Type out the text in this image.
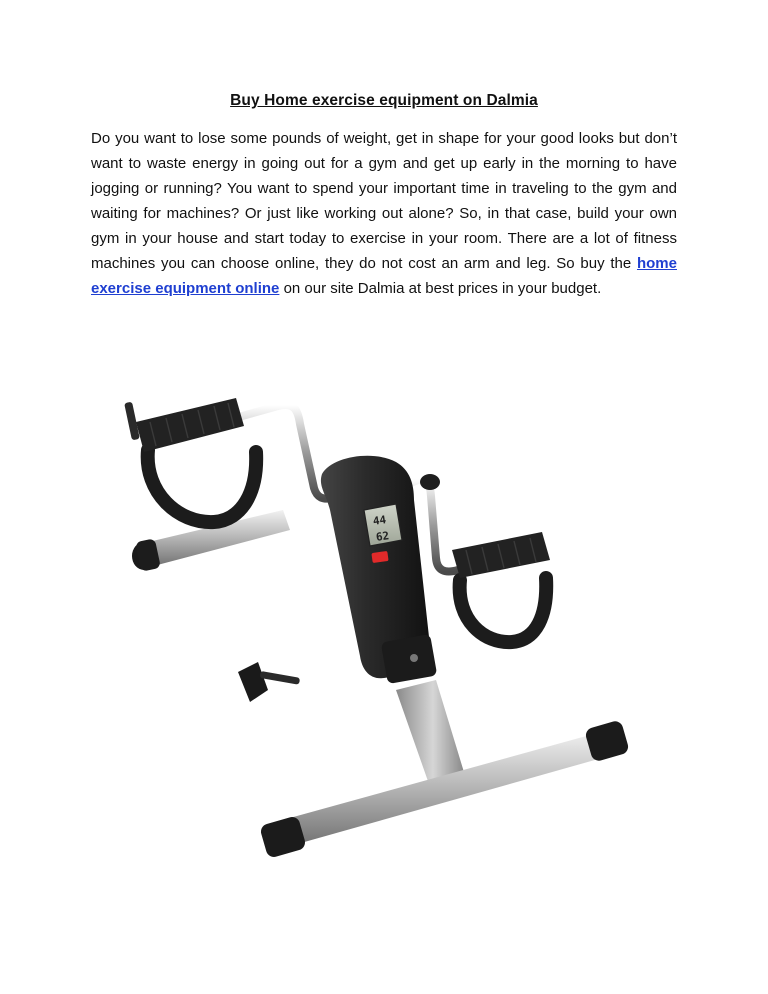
Buy Home exercise equipment on Dalmia

Do you want to lose some pounds of weight, get in shape for your good looks but don’t want to waste energy in going out for a gym and get up early in the morning to have jogging or running? You want to spend your important time in traveling to the gym and waiting for machines? Or just like working out alone? So, in that case, build your own gym in your house and start today to exercise in your room. There are a lot of fitness machines you can choose online, they do not cost an arm and leg. So buy the home exercise equipment online on our site Dalmia at best prices in your budget.

44
62
